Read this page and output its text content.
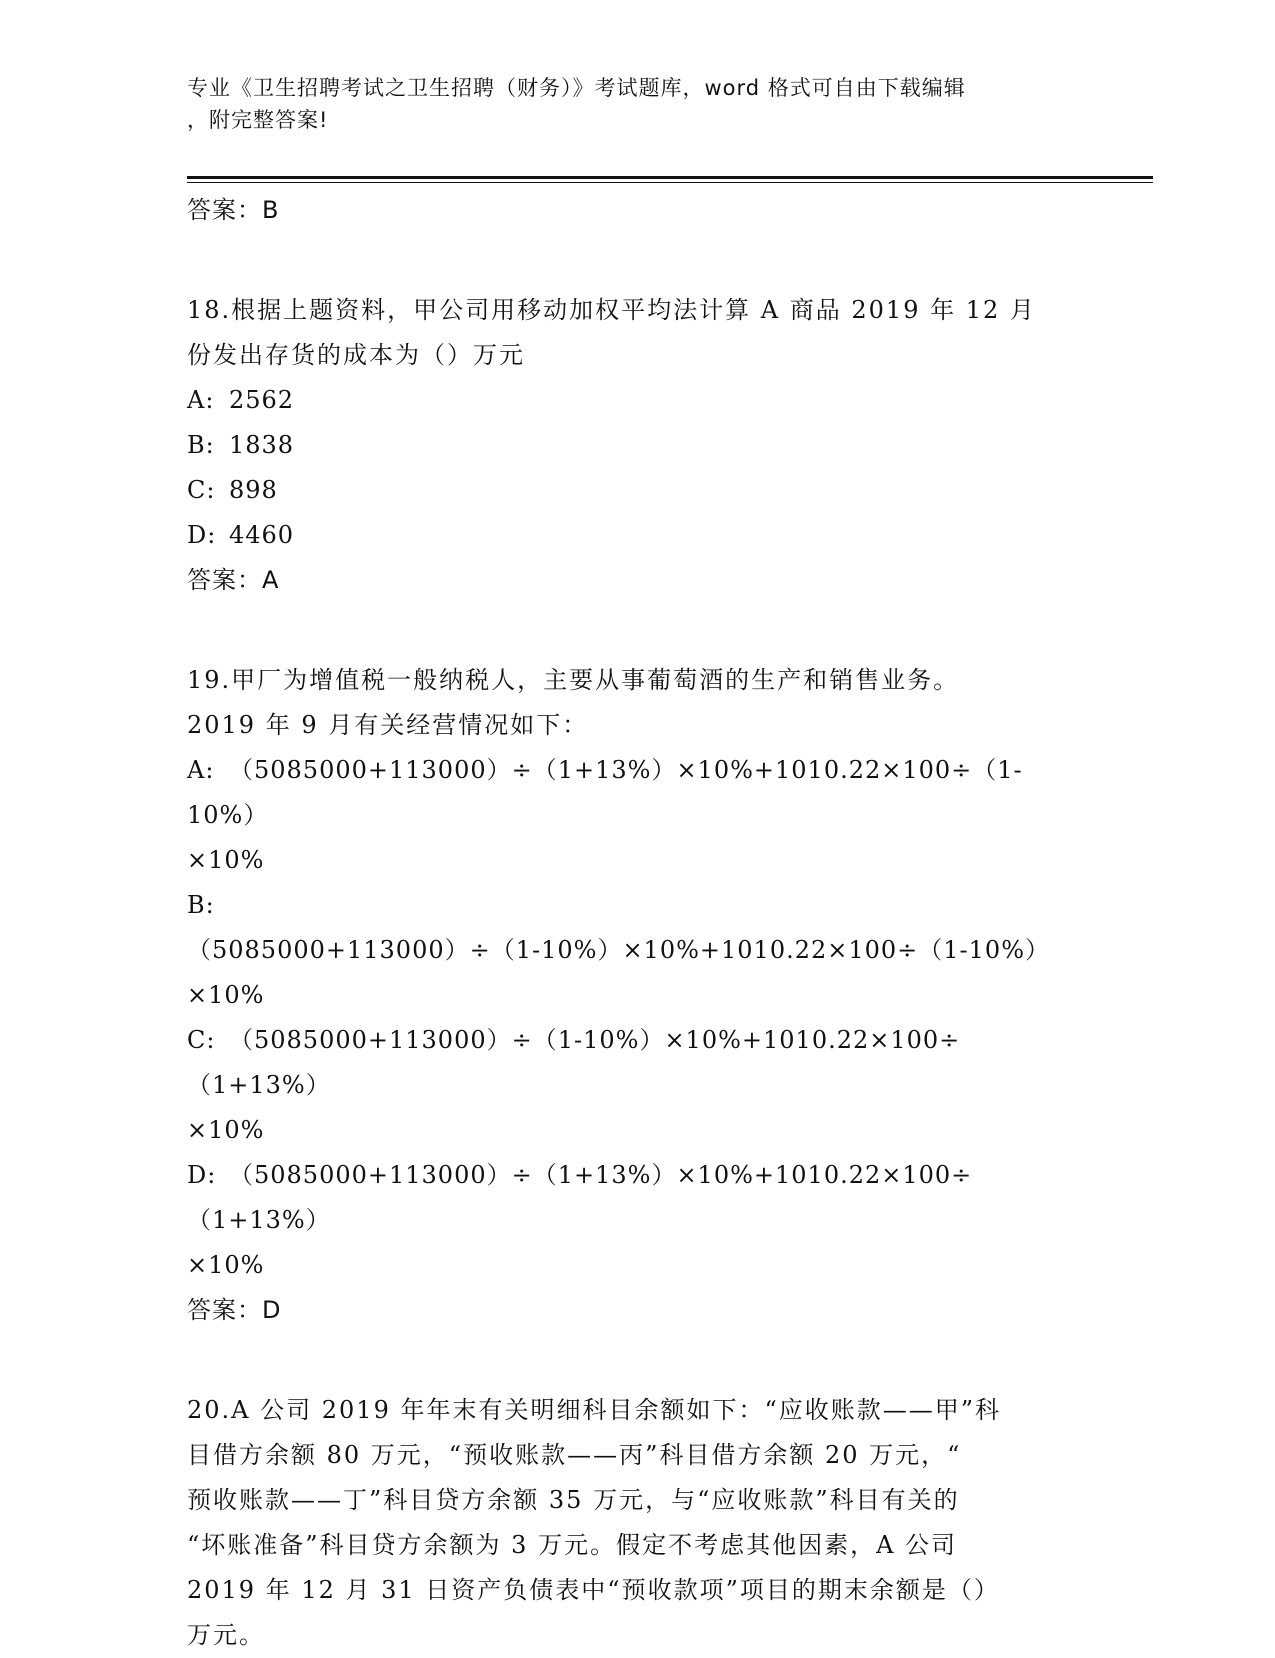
专业《卫生招聘考试之卫生招聘（财务）》考试题库，word 格式可自由下载编辑
，附完整答案!
答案：B
18.根据上题资料，甲公司用移动加权平均法计算 A 商品 2019 年 12 月
份发出存货的成本为（）万元
A: 2562
B: 1838
C: 898
D: 4460
答案：A
19.甲厂为增值税一般纳税人，主要从事葡萄酒的生产和销售业务。
2019 年 9 月有关经营情况如下：
A: （5085000+113000）÷（1+13%）×10%+1010.22×100÷（1-10%）
×10%
B:（5085000+113000）÷（1-10%）×10%+1010.22×100÷（1-10%）
×10%
C: （5085000+113000）÷（1-10%）×10%+1010.22×100÷（1+13%）
×10%
D: （5085000+113000）÷（1+13%）×10%+1010.22×100÷（1+13%）
×10%
答案：D
20.A 公司 2019 年年末有关明细科目余额如下：“应收账款——甲”科
目借方余额 80 万元，“预收账款——丙”科目借方余额 20 万元，“
预收账款——丁”科目贷方余额 35 万元，与“应收账款”科目有关的
“坏账准备”科目贷方余额为 3 万元。假定不考虑其他因素，A 公司
2019 年 12 月 31 日资产负债表中“预收款项”项目的期末余额是（）
万元。
